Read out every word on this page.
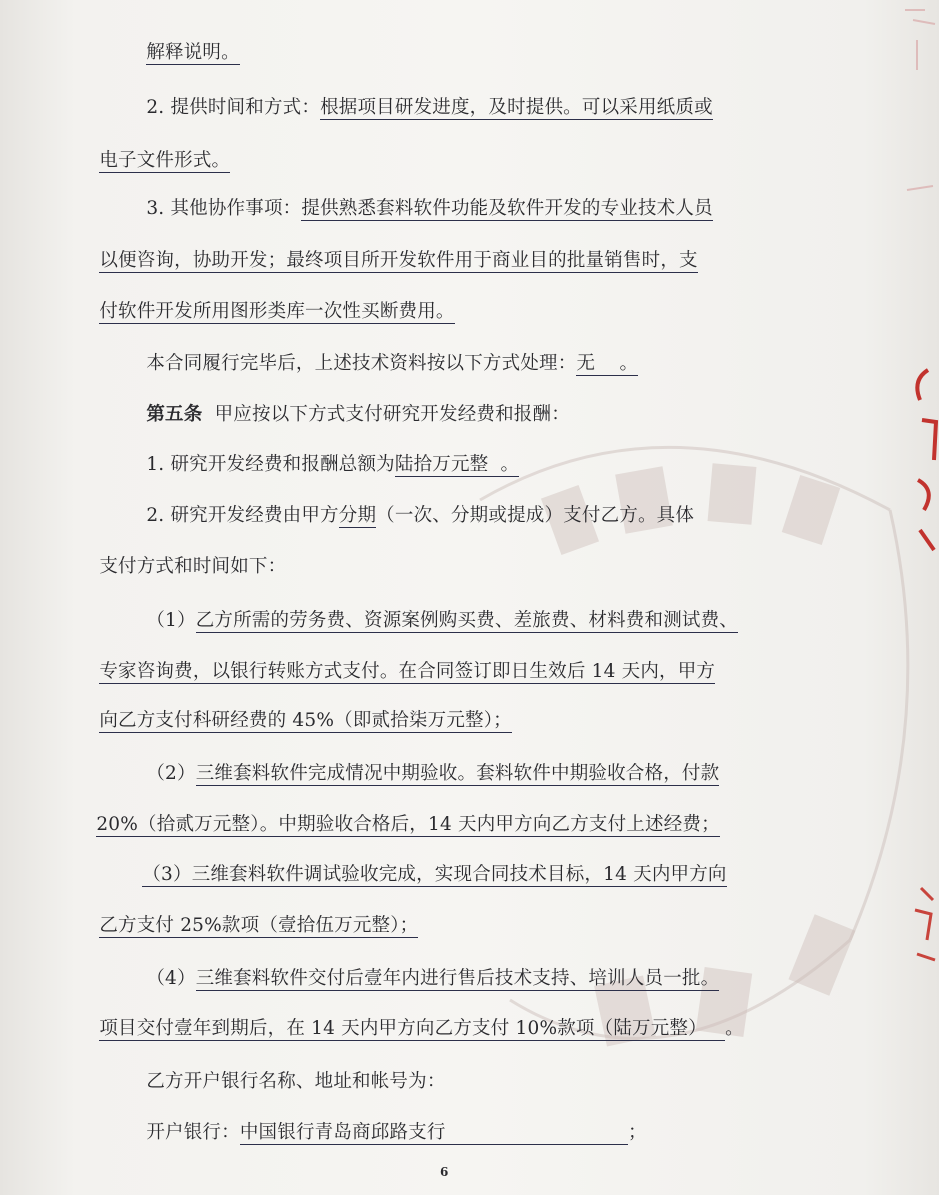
解释说明。

2. 提供时间和方式：根据项目研发进度，及时提供。可以采用纸质或

电子文件形式。

3. 其他协作事项：提供熟悉套料软件功能及软件开发的专业技术人员

以便咨询，协助开发；最终项目所开发软件用于商业目的批量销售时，支

付软件开发所用图形类库一次性买断费用。

本合同履行完毕后，上述技术资料按以下方式处理：无    。

第五条  甲应按以下方式支付研究开发经费和报酬：

1. 研究开发经费和报酬总额为陆拾万元整  。

2. 研究开发经费由甲方分期（一次、分期或提成）支付乙方。具体

支付方式和时间如下：

（1）乙方所需的劳务费、资源案例购买费、差旅费、材料费和测试费、

专家咨询费，以银行转账方式支付。在合同签订即日生效后 14 天内，甲方

向乙方支付科研经费的 45%（即贰拾柒万元整）；

（2）三维套料软件完成情况中期验收。套料软件中期验收合格，付款

20%（拾贰万元整）。中期验收合格后，14 天内甲方向乙方支付上述经费；

（3）三维套料软件调试验收完成，实现合同技术目标，14 天内甲方向

乙方支付 25%款项（壹拾伍万元整）；

（4）三维套料软件交付后壹年内进行售后技术支持、培训人员一批。

项目交付壹年到期后，在 14 天内甲方向乙方支付 10%款项（陆万元整）   。

乙方开户银行名称、地址和帐号为：

开户银行：中国银行青岛商邱路支行                              ；

6
